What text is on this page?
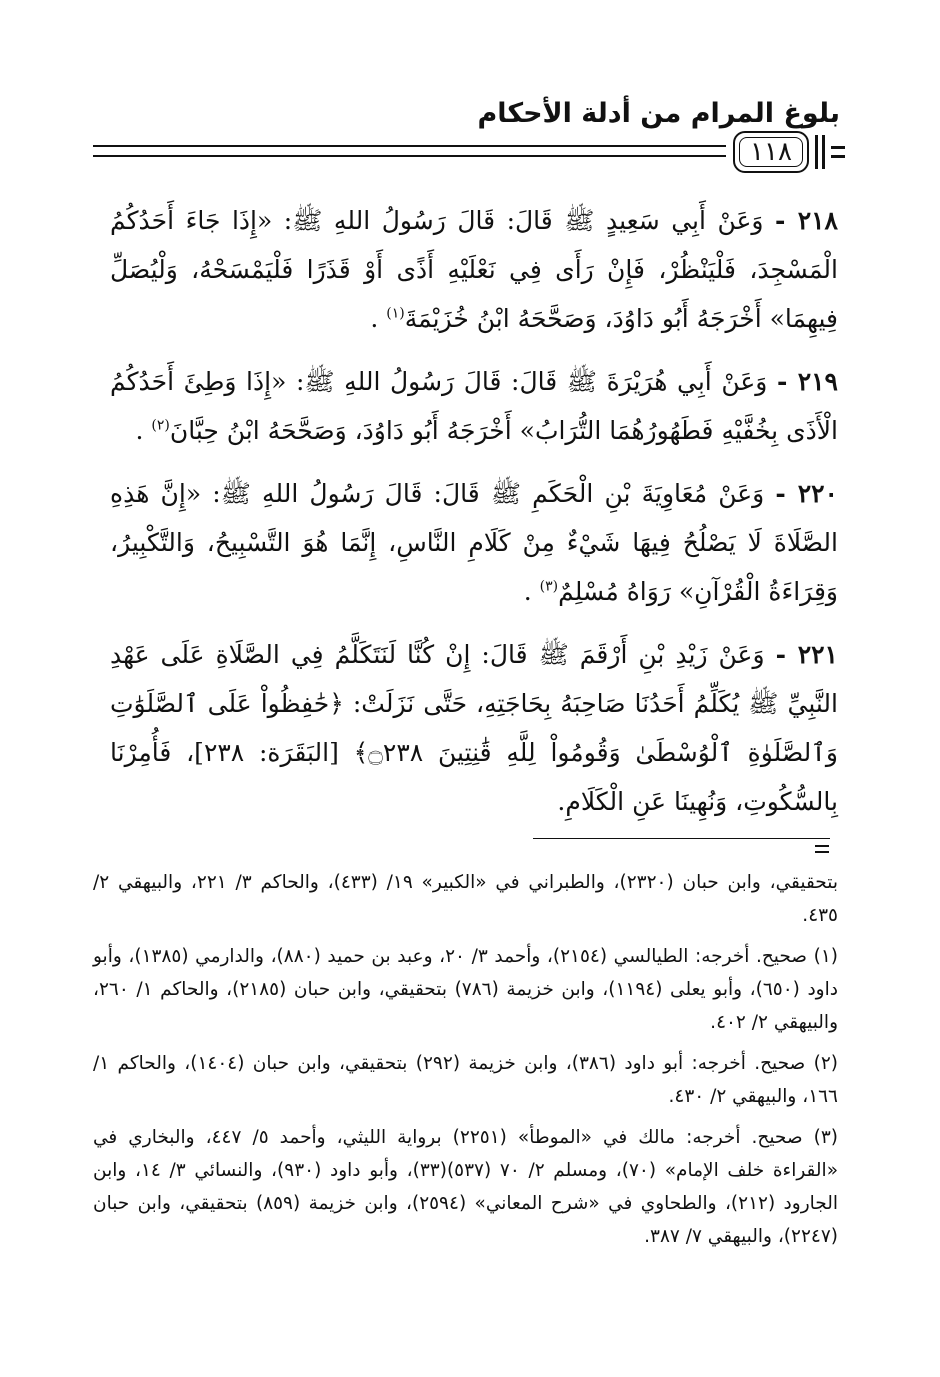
بلوغ المرام من أدلة الأحكام
١١٨

٢١٨ - وَعَنْ أَبِي سَعِيدٍ ﷺ قَالَ: قَالَ رَسُولُ اللهِ ﷺ: «إِذَا جَاءَ أَحَدُكُمُ الْمَسْجِدَ، فَلْيَنْظُرْ، فَإِنْ رَأَى فِي نَعْلَيْهِ أَذًى أَوْ قَذَرًا فَلْيَمْسَحْهُ، وَلْيُصَلِّ فِيهِمَا» أَخْرَجَهُ أَبُو دَاوُدَ، وَصَحَّحَهُ ابْنُ خُزَيْمَةَ$^{(١)}$ .

٢١٩ - وَعَنْ أَبِي هُرَيْرَةَ ﷺ قَالَ: قَالَ رَسُولُ اللهِ ﷺ: «إِذَا وَطِئَ أَحَدُكُمُ الْأَذَى بِخُفَّيْهِ فَطَهُورُهُمَا التُّرَابُ» أَخْرَجَهُ أَبُو دَاوُدَ، وَصَحَّحَهُ ابْنُ حِبَّانَ$^{(٢)}$ .

٢٢٠ - وَعَنْ مُعَاوِيَةَ بْنِ الْحَكَمِ ﷺ قَالَ: قَالَ رَسُولُ اللهِ ﷺ: «إِنَّ هَذِهِ الصَّلَاةَ لَا يَصْلُحُ فِيهَا شَيْءٌ مِنْ كَلَامِ النَّاسِ، إِنَّمَا هُوَ التَّسْبِيحُ، وَالتَّكْبِيرُ، وَقِرَاءَةُ الْقُرْآنِ» رَوَاهُ مُسْلِمٌ$^{(٣)}$ .

٢٢١ - وَعَنْ زَيْدِ بْنِ أَرْقَمَ ﷺ قَالَ: إِنْ كُنَّا لَنَتَكَلَّمُ فِي الصَّلَاةِ عَلَى عَهْدِ النَّبِيِّ ﷺ يُكَلِّمُ أَحَدُنَا صَاحِبَهُ بِحَاجَتِهِ، حَتَّى نَزَلَتْ: ﴿حَٰفِظُواْ عَلَى ٱلصَّلَوَٰتِ وَٱلصَّلَوٰةِ ٱلْوُسْطَىٰ وَقُومُواْ لِلَّهِ قَٰنِتِينَ ۝٢٣٨﴾ [البَقَرَة: ٢٣٨]، فَأُمِرْنَا بِالسُّكُوتِ، وَنُهِينَا عَنِ الْكَلَامِ.

بتحقيقي، وابن حبان (٢٣٢٠)، والطبراني في «الكبير» ١٩/ (٤٣٣)، والحاكم ٣/ ٢٢١، والبيهقي ٢/ ٤٣٥.

(١) صحيح. أخرجه: الطيالسي (٢١٥٤)، وأحمد ٣/ ٢٠، وعبد بن حميد (٨٨٠)، والدارمي (١٣٨٥)، وأبو داود (٦٥٠)، وأبو يعلى (١١٩٤)، وابن خزيمة (٧٨٦) بتحقيقي، وابن حبان (٢١٨٥)، والحاكم ١/ ٢٦٠، والبيهقي ٢/ ٤٠٢.

(٢) صحيح. أخرجه: أبو داود (٣٨٦)، وابن خزيمة (٢٩٢) بتحقيقي، وابن حبان (١٤٠٤)، والحاكم ١/ ١٦٦، والبيهقي ٢/ ٤٣٠.

(٣) صحيح. أخرجه: مالك في «الموطأ» (٢٢٥١) برواية الليثي، وأحمد ٥/ ٤٤٧، والبخاري في «القراءة خلف الإمام» (٧٠)، ومسلم ٢/ ٧٠ (٥٣٧)(٣٣)، وأبو داود (٩٣٠)، والنسائي ٣/ ١٤، وابن الجارود (٢١٢)، والطحاوي في «شرح المعاني» (٢٥٩٤)، وابن خزيمة (٨٥٩) بتحقيقي، وابن حبان (٢٢٤٧)، والبيهقي ٧/ ٣٨٧.
